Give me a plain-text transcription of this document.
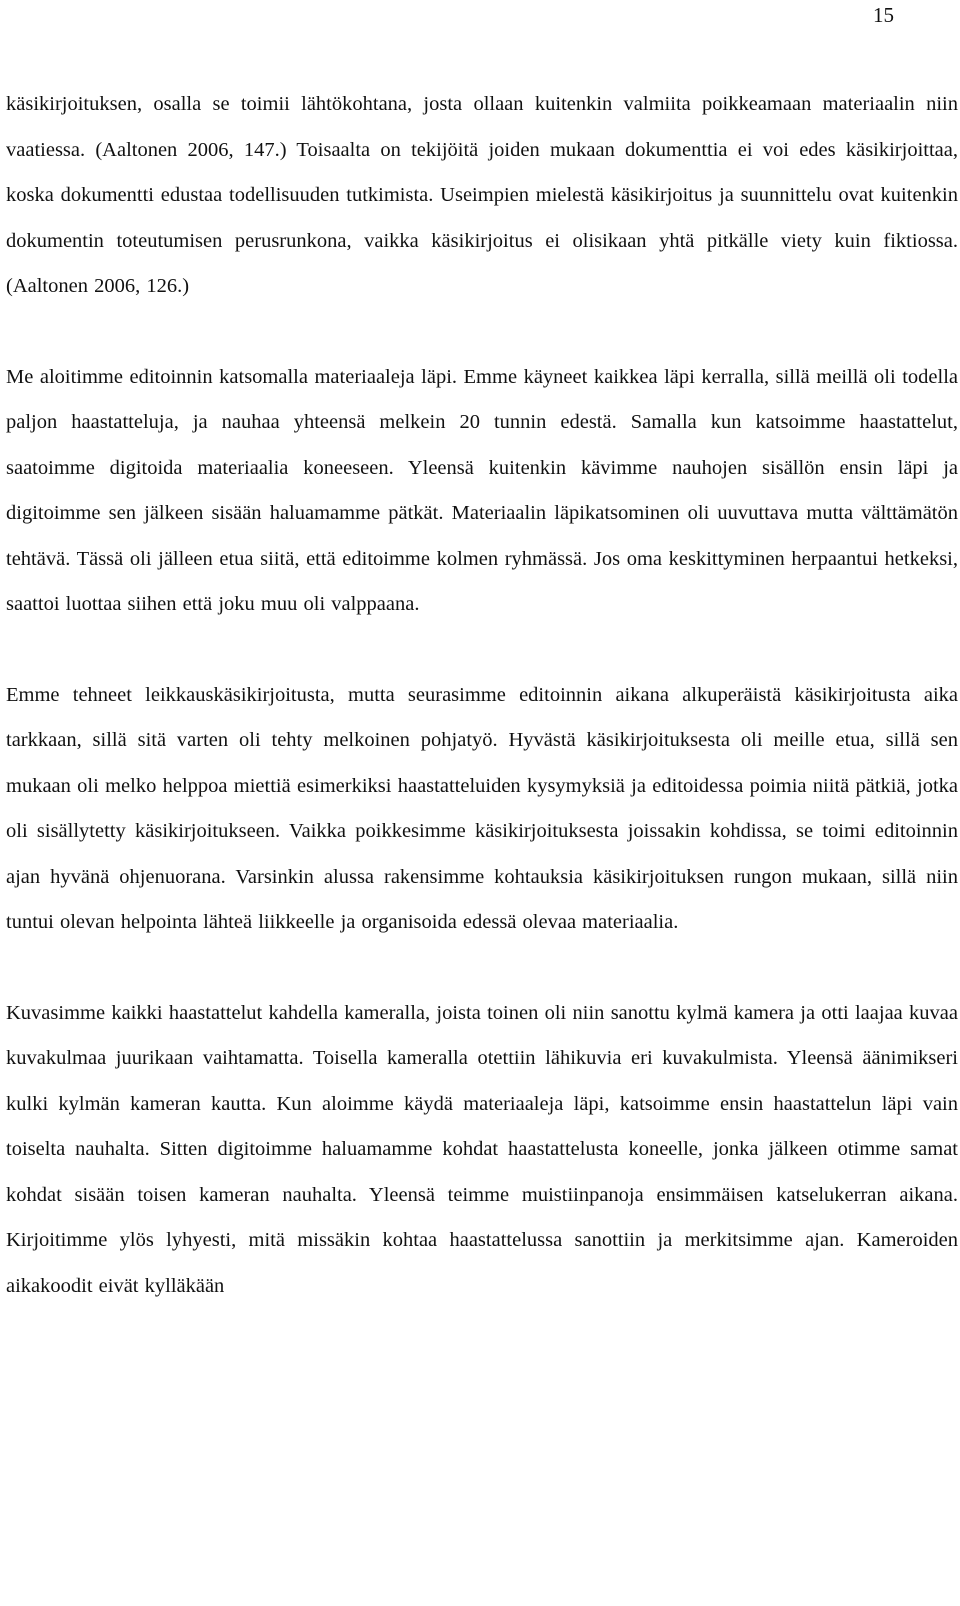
15

käsikirjoituksen, osalla se toimii lähtökohtana, josta ollaan kuitenkin valmiita poikkeamaan materiaalin niin vaatiessa. (Aaltonen 2006, 147.) Toisaalta on tekijöitä joiden mukaan dokumenttia ei voi edes käsikirjoittaa, koska dokumentti edustaa todellisuuden tutkimista. Useimpien mielestä käsikirjoitus ja suunnittelu ovat kuitenkin dokumentin toteutumisen perusrunkona, vaikka käsikirjoitus ei olisikaan yhtä pitkälle viety kuin fiktiossa. (Aaltonen 2006, 126.)

Me aloitimme editoinnin katsomalla materiaaleja läpi. Emme käyneet kaikkea läpi kerralla, sillä meillä oli todella paljon haastatteluja, ja nauhaa yhteensä melkein 20 tunnin edestä. Samalla kun katsoimme haastattelut, saatoimme digitoida materiaalia koneeseen. Yleensä kuitenkin kävimme nauhojen sisällön ensin läpi ja digitoimme sen jälkeen sisään haluamamme pätkät. Materiaalin läpikatsominen oli uuvuttava mutta välttämätön tehtävä. Tässä oli jälleen etua siitä, että editoimme kolmen ryhmässä. Jos oma keskittyminen herpaantui hetkeksi, saattoi luottaa siihen että joku muu oli valppaana.

Emme tehneet leikkauskäsikirjoitusta, mutta seurasimme editoinnin aikana alkuperäistä käsikirjoitusta aika tarkkaan, sillä sitä varten oli tehty melkoinen pohjatyö. Hyvästä käsikirjoituksesta oli meille etua, sillä sen mukaan oli melko helppoa miettiä esimerkiksi haastatteluiden kysymyksiä ja editoidessa poimia niitä pätkiä, jotka oli sisällytetty käsikirjoitukseen. Vaikka poikkesimme käsikirjoituksesta joissakin kohdissa, se toimi editoinnin ajan hyvänä ohjenuorana. Varsinkin alussa rakensimme kohtauksia käsikirjoituksen rungon mukaan, sillä niin tuntui olevan helpointa lähteä liikkeelle ja organisoida edessä olevaa materiaalia.

Kuvasimme kaikki haastattelut kahdella kameralla, joista toinen oli niin sanottu kylmä kamera ja otti laajaa kuvaa kuvakulmaa juurikaan vaihtamatta. Toisella kameralla otettiin lähikuvia eri kuvakulmista. Yleensä äänimikseri kulki kylmän kameran kautta. Kun aloimme käydä materiaaleja läpi, katsoimme ensin haastattelun läpi vain toiselta nauhalta. Sitten digitoimme haluamamme kohdat haastattelusta koneelle, jonka jälkeen otimme samat kohdat sisään toisen kameran nauhalta. Yleensä teimme muistiinpanoja ensimmäisen katselukerran aikana. Kirjoitimme ylös lyhyesti, mitä missäkin kohtaa haastattelussa sanottiin ja merkitsimme ajan. Kameroiden aikakoodit eivät kylläkään
